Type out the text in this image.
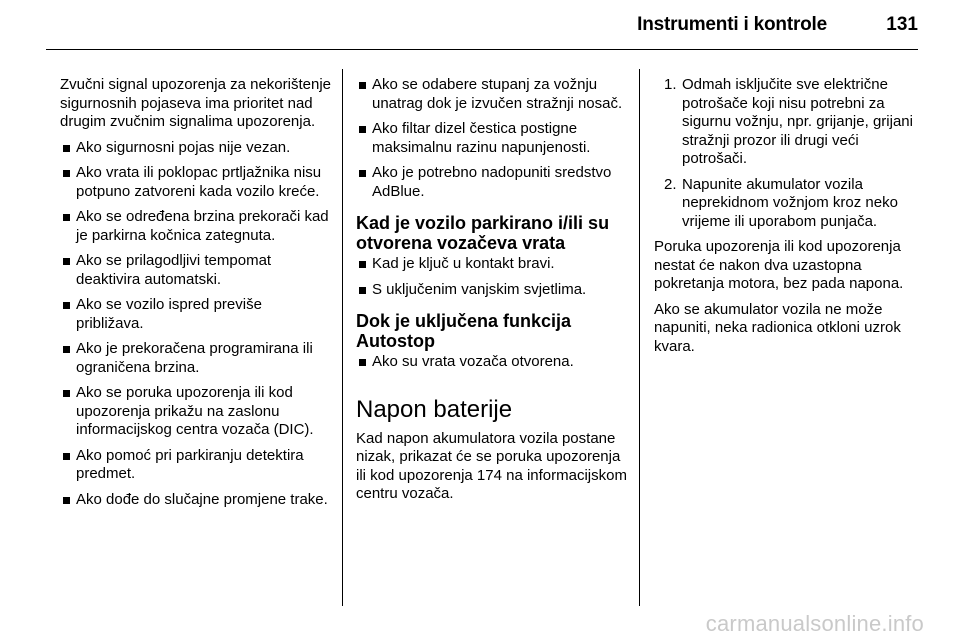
Instrumenti i kontrole	131

Zvučni signal upozorenja za nekorištenje sigurnosnih pojaseva ima prioritet nad drugim zvučnim signalima upozorenja.

Ako sigurnosni pojas nije vezan.
Ako vrata ili poklopac prtljažnika nisu potpuno zatvoreni kada vozilo kreće.
Ako se određena brzina prekorači kad je parkirna kočnica zategnuta.
Ako se prilagodljivi tempomat deaktivira automatski.
Ako se vozilo ispred previše približava.
Ako je prekoračena programirana ili ograničena brzina.
Ako se poruka upozorenja ili kod upozorenja prikažu na zaslonu informacijskog centra vozača (DIC).
Ako pomoć pri parkiranju detektira predmet.
Ako dođe do slučajne promjene trake.
Ako se odabere stupanj za vožnju unatrag dok je izvučen stražnji nosač.
Ako filtar dizel čestica postigne maksimalnu razinu napunjenosti.
Ako je potrebno nadopuniti sredstvo AdBlue.
Kad je vozilo parkirano i/ili su otvorena vozačeva vrata
Kad je ključ u kontakt bravi.
S uključenim vanjskim svjetlima.
Dok je uključena funkcija Autostop
Ako su vrata vozača otvorena.
Napon baterije

Kad napon akumulatora vozila postane nizak, prikazat će se poruka upozorenja ili kod upozorenja 174 na informacijskom centru vozača.

1. Odmah isključite sve električne potrošače koji nisu potrebni za sigurnu vožnju, npr. grijanje, grijani stražnji prozor ili drugi veći potrošači.
2. Napunite akumulator vozila neprekidnom vožnjom kroz neko vrijeme ili uporabom punjača.

Poruka upozorenja ili kod upozorenja nestat će nakon dva uzastopna pokretanja motora, bez pada napona.

Ako se akumulator vozila ne može napuniti, neka radionica otkloni uzrok kvara.

carmanualsonline.info
